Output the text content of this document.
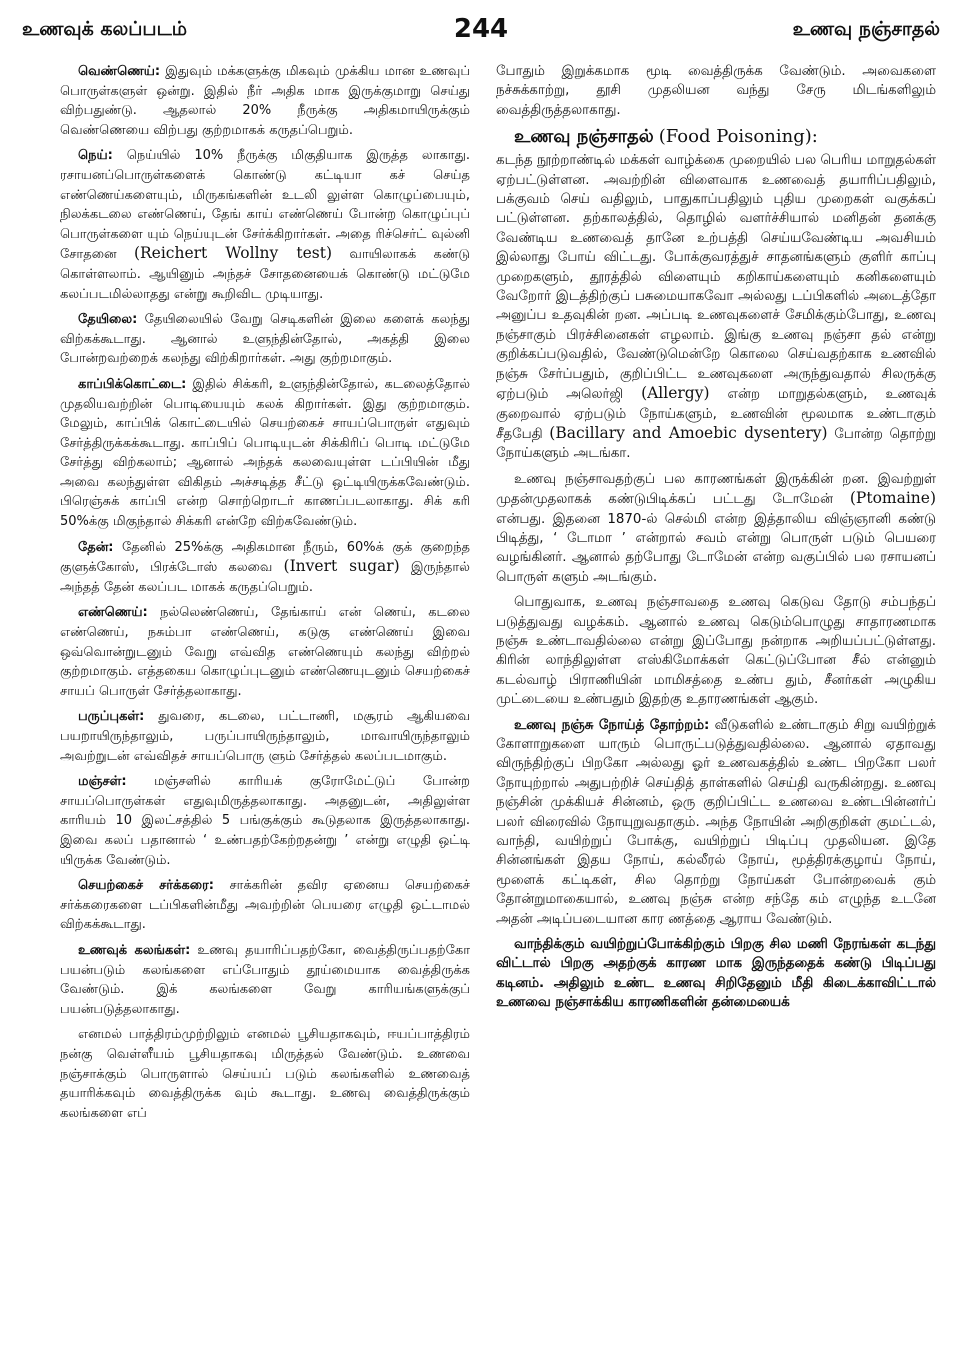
உணவுக் கலப்படம்	244	உணவு நஞ்சாதல்

வெண்ணெய்: இதுவும் மக்களுக்கு மிகவும் முக்கிய மான உணவுப் பொருள்களுள் ஒன்று. இதில் நீர் அதிக மாக இருக்குமாறு செய்து விற்பதுண்டு. ஆதலால் 20% நீருக்கு அதிகமாயிருக்கும் வெண்ணெயை விற்பது குற்றமாகக் கருதப்பெறும்.

நெய்: நெய்யில் 10% நீருக்கு மிகுதியாக இருத்த லாகாது. ரசாயனப்பொருள்களைக் கொண்டு கட்டியா கச் செய்த எண்ணெய்களையும், மிருகங்களின் உடலி லுள்ள கொழுப்பையும், நிலக்கடலை எண்ணெய், தேங் காய் எண்ணெய் போன்ற கொழுப்புப் பொருள்களை யும் நெய்யுடன் சேர்க்கிறார்கள். அதை ரிச்செர்ட் வுல்னி சோதனை (Reichert Wollny test) வாயிலாகக் கண்டு கொள்ளலாம். ஆயினும் அந்தச் சோதனையைக் கொண்டு மட்டுமே கலப்படமில்லாதது என்று கூறிவிட முடியாது.

தேயிலை: தேயிலையில் வேறு செடிகளின் இலை களைக் கலந்து விற்கக்கூடாது. ஆனால் உளுந்தின்தோல், அகத்தி இலை போன்றவற்றைக் கலந்து விற்கிறார்கள். அது குற்றமாகும்.

காப்பிக்கொட்டை: இதில் சிக்கரி, உளுந்தின்தோல், கடலைத்தோல் முதலியவற்றின் பொடியையும் கலக் கிறார்கள். இது குற்றமாகும். மேலும், காப்பிக் கொட்டையில் செயற்கைச் சாயப்பொருள் எதுவும் சேர்த்திருக்கக்கூடாது. காப்பிப் பொடியுடன் சிக்கிரிப் பொடி மட்டுமே சேர்த்து விற்கலாம்; ஆனால் அந்தக் கலவையுள்ள டப்பியின் மீது அவை கலந்துள்ள விகிதம் அச்சடித்த சீட்டு ஒட்டியிருக்கவேண்டும். பிரெஞ்சுக் காப்பி என்ற சொற்றொடர் காணப்படலாகாது. சிக் கரி 50%க்கு மிகுந்தால் சிக்கரி என்றே விற்கவேண்டும்.

தேன்: தேனில் 25%க்கு அதிகமான நீரும், 60%க் குக் குறைந்த குளுக்கோஸ், பிரக்டோஸ் கலவை (Invert sugar) இருந்தால் அந்தத் தேன் கலப்பட மாகக் கருதப்பெறும்.

எண்ணெய்: நல்லெண்ணெய், தேங்காய் என் ணெய், கடலை எண்ணெய், நசும்பா எண்ணெய், கடுகு எண்ணெய் இவை ஒவ்வொன்றுடனும் வேறு எவ்வித எண்ணெயும் கலந்து விற்றல் குற்றமாகும். எத்தகைய கொழுப்புடனும் எண்ணெயுடனும் செயற்கைச் சாயப் பொருள் சேர்த்தலாகாது.

பருப்புகள்: துவரை, கடலை, பட்டாணி, மசூரம் ஆகியவை பயறாயிருந்தாலும், பருப்பாயிருந்தாலும், மாவாயிருந்தாலும் அவற்றுடன் எவ்விதச் சாயப்பொரு ளும் சேர்த்தல் கலப்படமாகும்.

மஞ்சள்: மஞ்சளில் காரியக் குரோமேட்டுப் போன்ற சாயப்பொருள்கள் எதுவுமிருத்தலாகாது. அதனுடன், அதிலுள்ள காரியம் 10 இலட்சத்தில் 5 பங்குக்கும் கூடுதலாக இருத்தலாகாது. இவை கலப் பதானால் ‘ உண்பதற்கேற்றதன்று ’ என்று எழுதி ஒட்டி யிருக்க வேண்டும்.

செயற்கைச் சர்க்கரை: சாக்கரின் தவிர ஏனைய செயற்கைச் சர்க்கரைகளை டப்பிகளின்மீது அவற்றின் பெயரை எழுதி ஒட்டாமல் விற்கக்கூடாது.

உணவுக் கலங்கள்: உணவு தயாரிப்பதற்கோ, வைத்திருப்பதற்கோ பயன்படும் கலங்களை எப்போதும் தூய்மையாக வைத்திருக்க வேண்டும். இக் கலங்களை வேறு காரியங்களுக்குப் பயன்படுத்தலாகாது.

எனமல் பாத்திரம்முற்றிலும் எனமல் பூசியதாகவும், ஈயப்பாத்திரம் நன்கு வெள்ளீயம் பூசியதாகவு மிருத்தல் வேண்டும். உணவை நஞ்சாக்கும் பொருளால் செய்யப் படும் கலங்களில் உணவைத் தயாரிக்கவும் வைத்திருக்க வும் கூடாது. உணவு வைத்திருக்கும் கலங்களை எப்

போதும் இறுக்கமாக மூடி வைத்திருக்க வேண்டும். அவைகளை நச்சுக்காற்று, தூசி முதலியன வந்து சேரு மிடங்களிலும் வைத்திருத்தலாகாது.

உணவு நஞ்சாதல் (Food Poisoning):

கடந்த நூற்றாண்டில் மக்கள் வாழ்க்கை முறையில் பல பெரிய மாறுதல்கள் ஏற்பட்டுள்ளன. அவற்றின் விளைவாக உணவைத் தயாரிப்பதிலும், பக்குவம் செய் வதிலும், பாதுகாப்பதிலும் புதிய முறைகள் வகுக்கப் பட்டுள்ளன. தற்காலத்தில், தொழில் வளர்ச்சியால் மனிதன் தனக்கு வேண்டிய உணவைத் தானே உற்பத்தி செய்யவேண்டிய அவசியம் இல்லாது போய் விட்டது. போக்குவரத்துச் சாதனங்களும் குளிர் காப்பு முறைகளும், தூரத்தில் விளையும் கறிகாய்களையும் கனிகளையும் வேறோர் இடத்திற்குப் பசுமையாகவோ அல்லது டப்பிகளில் அடைத்தோ அனுப்ப உதவுகின் றன. அப்படி உணவுகளைச் சேமிக்கும்போது, உணவு நஞ்சாகும் பிரச்சினைகள் எழலாம். இங்கு உணவு நஞ்சா தல் என்று குறிக்கப்படுவதில், வேண்டுமென்றே கொலை செய்வதற்காக உணவில் நஞ்சு சேர்ப்பதும், குறிப்பிட்ட உணவுகளை அருந்துவதால் சிலருக்கு ஏற்படும் அலெர்ஜி (Allergy) என்ற மாறுதல்களும், உணவுக் குறைவால் ஏற்படும் நோய்களும், உணவின் மூலமாக உண்டாகும் சீதபேதி (Bacillary and Amoebic dysentery) போன்ற தொற்று நோய்களும் அடங்கா.

உணவு நஞ்சாவதற்குப் பல காரணங்கள் இருக்கின் றன. இவற்றுள் முதன்முதலாகக் கண்டுபிடிக்கப் பட்டது டோமேன் (Ptomaine) என்பது. இதனை 1870-ல் செல்மி என்ற இத்தாலிய விஞ்ஞானி கண்டு பிடித்து, ‘ டோமா ’ என்றால் சவம் என்று பொருள் படும் பெயரை வழங்கினர். ஆனால் தற்போது டோமேன் என்ற வகுப்பில் பல ரசாயனப் பொருள் களும் அடங்கும்.

பொதுவாக, உணவு நஞ்சாவதை உணவு கெடுவ தோடு சம்பந்தப் படுத்துவது வழக்கம். ஆனால் உணவு கெடும்பொழுது சாதாரணமாக நஞ்சு உண்டாவதில்லை என்று இப்போது நன்றாக அறியப்பட்டுள்ளது. கிரின் லாந்திலுள்ள எஸ்கிமோக்கள் கெட்டுப்போன சீல் என்னும் கடல்வாழ் பிராணியின் மாமிசத்தை உண்ப தும், சீனர்கள் அழுகிய முட்டையை உண்பதும் இதற்கு உதாரணங்கள் ஆகும்.

உணவு நஞ்சு நோய்த் தோற்றம்: வீடுகளில் உண்டாகும் சிறு வயிற்றுக் கோளாறுகளை யாரும் பொருட்படுத்துவதில்லை. ஆனால் ஏதாவது விருந்திற்குப் பிறகோ அல்லது ஓர் உணவகத்தில் உண்ட பிறகோ பலர் நோயுற்றால் அதுபற்றிச் செய்தித் தாள்களில் செய்தி வருகின்றது. உணவு நஞ்சின் முக்கியச் சின்னம், ஒரு குறிப்பிட்ட உணவை உண்டபின்னர்ப் பலர் விரைவில் நோயுறுவதாகும். அந்த நோயின் அறிகுறிகள் குமட்டல், வாந்தி, வயிற்றுப் போக்கு, வயிற்றுப் பிடிப்பு முதலியன. இதே சின்னங்கள் இதய நோய், கல்லீரல் நோய், மூத்திரக்குழாய் நோய், மூளைக் கட்டிகள், சில தொற்று நோய்கள் போன்றவைக் கும் தோன்றுமாகையால், உணவு நஞ்சு என்ற சந்தே கம் எழுந்த உடனே அதன் அடிப்படையான கார ணத்தை ஆராய வேண்டும்.

வாந்திக்கும் வயிற்றுப்போக்கிற்கும் பிறகு சில மணி நேரங்கள் கடந்து விட்டால் பிறகு அதற்குக் காரண மாக இருந்ததைக் கண்டு பிடிப்பது கடினம். அதிலும் உண்ட உணவு சிறிதேனும் மீதி கிடைக்காவிட்டால் உணவை நஞ்சாக்கிய காரணிகளின் தன்மையைக்
